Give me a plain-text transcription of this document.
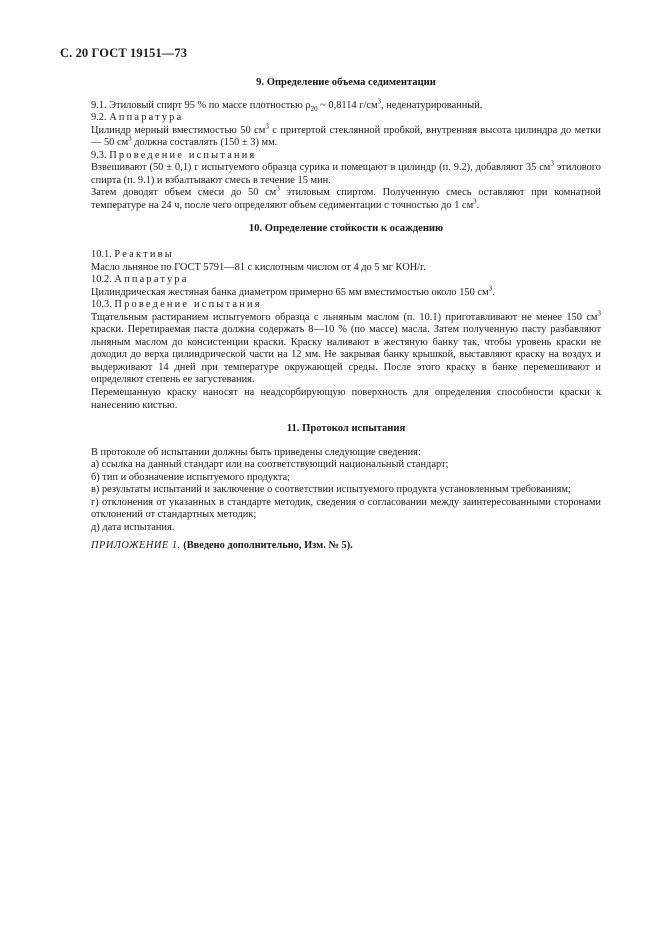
С. 20 ГОСТ 19151—73
9. Определение объема седиментации

9.1. Этиловый спирт 95 % по массе плотностью $\rho_{20}$ ~ 0,8114 $г/см^3$, неденатурированный.

9.2. Аппаратура

Цилиндр мерный вместимостью 50 $см^3$ с притертой стеклянной пробкой, внутренняя высота цилиндра до метки — 50 $см^3$ должна составлять (150 ± 3) мм.

9.3. Проведение испытания

Взвешивают (50 ± 0,1) г испытуемого образца сурика и помещают в цилиндр (п. 9.2), добавляют 35 $см^3$ этилового спирта (п. 9.1) и взбалтывают смесь в течение 15 мин.

Затем доводят объем смеси до 50 $см^3$ этиловым спиртом. Полученную смесь оставляют при комнатной температуре на 24 ч, после чего определяют объем седиментации с точностью до 1 $см^3$.

10. Определение стойкости к осаждению

10.1. Реактивы

Масло льняное по ГОСТ 5791—81 с кислотным числом от 4 до 5 мг КОН/г.

10.2. Аппаратура

Цилиндрическая жестяная банка диаметром примерно 65 мм вместимостью около 150 $см^3$.

10.3. Проведение испытания

Тщательным растиранием испытуемого образца с льняным маслом (п. 10.1) приготавливают не менее 150 $см^3$ краски. Перетираемая паста должна содержать 8—10 % (по массе) масла. Затем полученную пасту разбавляют льняным маслом до консистенции краски. Краску наливают в жестяную банку так, чтобы уровень краски не доходил до верха цилиндрической части на 12 мм. Не закрывая банку крышкой, выставляют краску на воздух и выдерживают 14 дней при температуре окружающей среды. После этого краску в банке перемешивают и определяют степень ее загустевания.

Перемешанную краску наносят на неадсорбирующую поверхность для определения способности краски к нанесению кистью.

11. Протокол испытания

В протоколе об испытании должны быть приведены следующие сведения:

а) ссылка на данный стандарт или на соответствующий национальный стандарт;

б) тип и обозначение испытуемого продукта;

в) результаты испытаний и заключение о соответствии испытуемого продукта установленным требованиям;

г) отклонения от указанных в стандарте методик, сведения о согласовании между заинтересованными сторонами отклонений от стандартных методик;

д) дата испытания.

ПРИЛОЖЕНИЕ 1. (Введено дополнительно, Изм. № 5).
